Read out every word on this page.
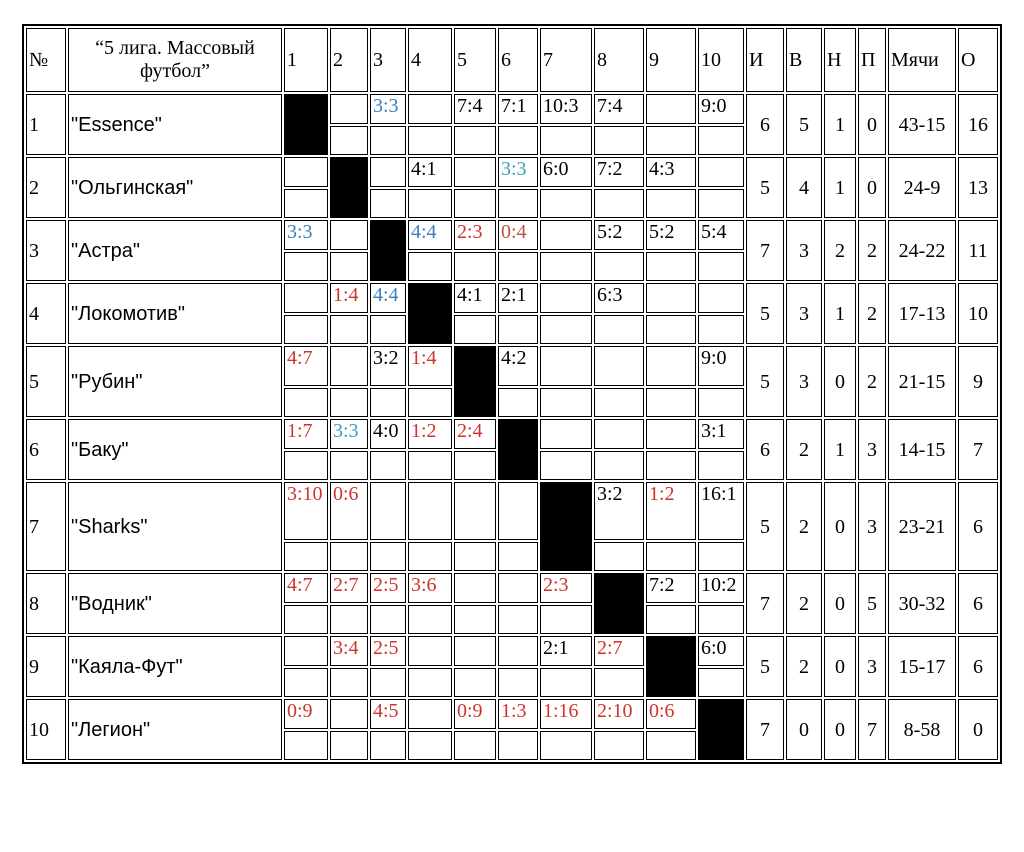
№	“5 лига. Массовый футбол”	1	2	3	4	5	6	7	8	9	10	И	В	Н	П	Мячи	О
1	"Essence"			3:3		7:4	7:1	10:3	7:4		9:0	6	5	1	0	43-15	16

2	"Ольгинская"				4:1		3:3	6:0	7:2	4:3		5	4	1	0	24-9	13

3	"Астра"	3:3			4:4	2:3	0:4		5:2	5:2	5:4	7	3	2	2	24-22	11

4	"Локомотив"		1:4	4:4		4:1	2:1		6:3			5	3	1	2	17-13	10

5	"Рубин"	4:7		3:2	1:4		4:2				9:0	5	3	0	2	21-15	9

6	"Баку"	1:7	3:3	4:0	1:2	2:4					3:1	6	2	1	3	14-15	7

7	"Sharks"	3:10	0:6						3:2	1:2	16:1	5	2	0	3	23-21	6

8	"Водник"	4:7	2:7	2:5	3:6			2:3		7:2	10:2	7	2	0	5	30-32	6

9	"Каяла-Фут"		3:4	2:5				2:1	2:7		6:0	5	2	0	3	15-17	6

10	"Легион"	0:9		4:5		0:9	1:3	1:16	2:10	0:6		7	0	0	7	8-58	0
